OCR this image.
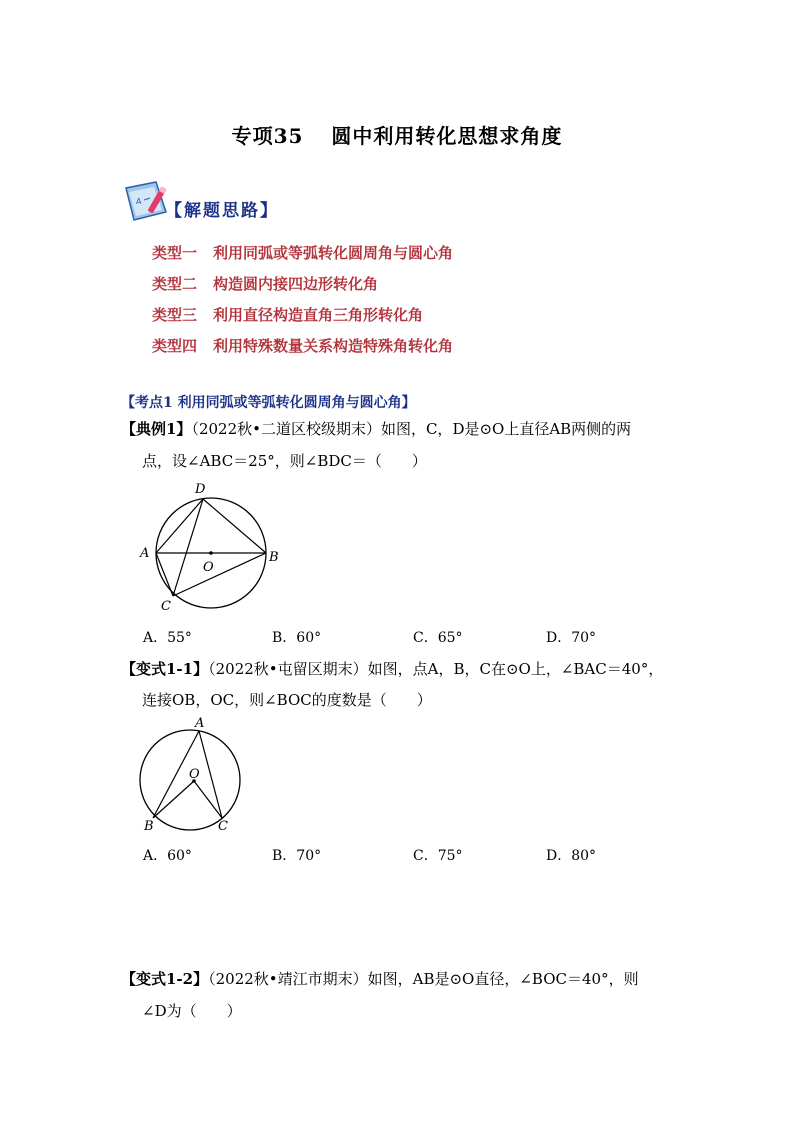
专项35 圆中利用转化思想求角度
A 【解题思路】
类型一 利用同弧或等弧转化圆周角与圆心角
类型二 构造圆内接四边形转化角
类型三 利用直径构造直角三角形转化角
类型四 利用特殊数量关系构造特殊角转化角
【考点1 利用同弧或等弧转化圆周角与圆心角】
【典例1】（2022秋•二道区校级期末）如图，C，D是⊙O上直径AB两侧的两
点，设∠ABC＝25°，则∠BDC＝（　　）
D
A
O
B
C
A．55°	B．60°	C．65°	D．70°
【变式1-1】（2022秋•屯留区期末）如图，点A，B，C在⊙O上，∠BAC＝40°，
连接OB，OC，则∠BOC的度数是（　　）
A
O
B	C
A．60°	B．70°	C．75°	D．80°
【变式1-2】（2022秋•靖江市期末）如图，AB是⊙O直径，∠BOC＝40°，则
∠D为（　　）
